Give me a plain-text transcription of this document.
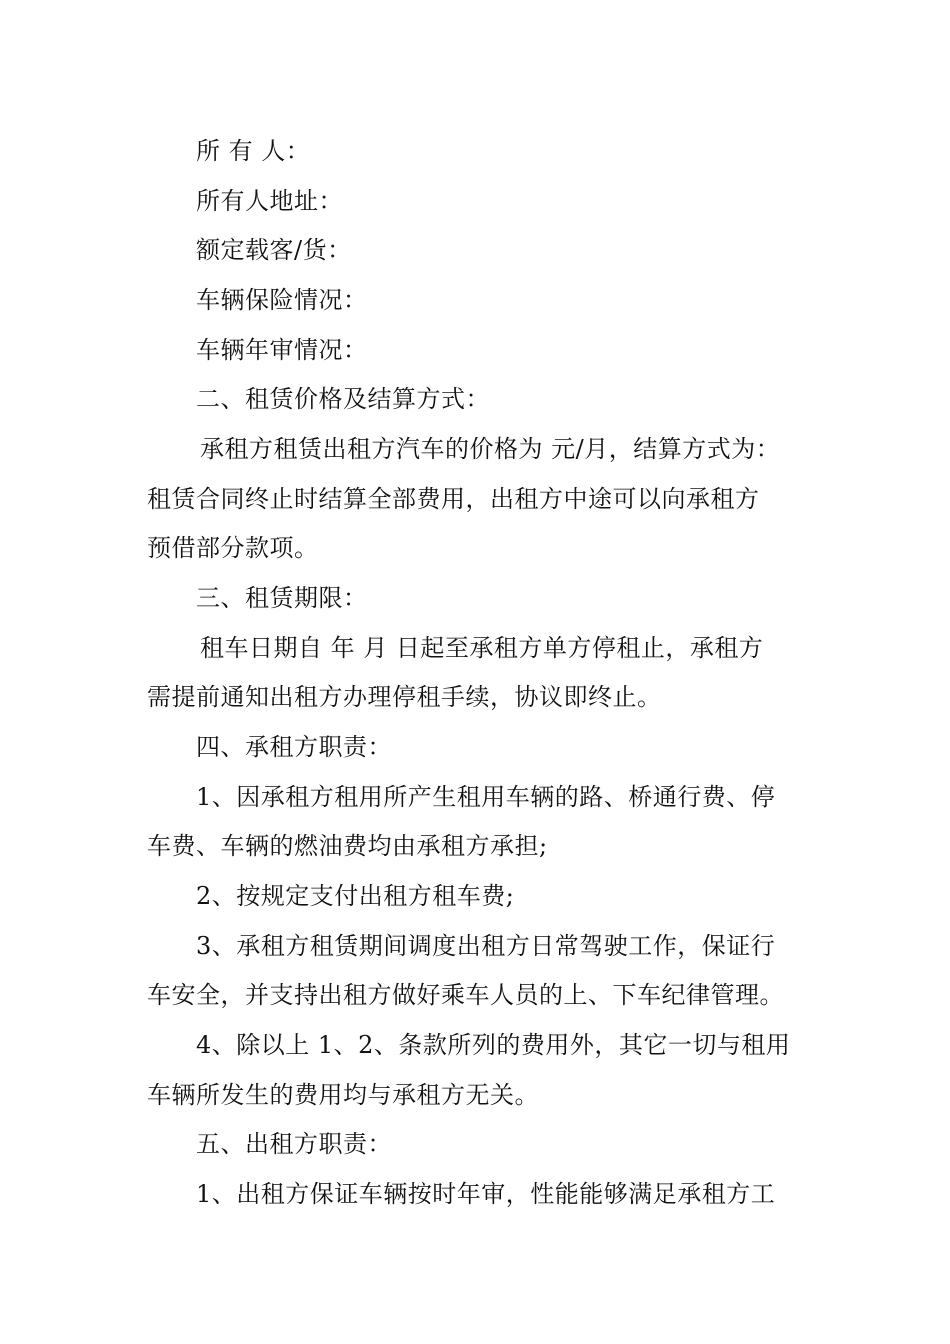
所 有 人：
所有人地址：
额定载客/货：
车辆保险情况：
车辆年审情况：
二、租赁价格及结算方式：
承租方租赁出租方汽车的价格为 元/月，结算方式为：
租赁合同终止时结算全部费用，出租方中途可以向承租方
预借部分款项。
三、租赁期限：
租车日期自 年 月 日起至承租方单方停租止，承租方
需提前通知出租方办理停租手续，协议即终止。
四、承租方职责：
1、因承租方租用所产生租用车辆的路、桥通行费、停
车费、车辆的燃油费均由承租方承担;
2、按规定支付出租方租车费;
3、承租方租赁期间调度出租方日常驾驶工作，保证行
车安全，并支持出租方做好乘车人员的上、下车纪律管理。
4、除以上 1、2、条款所列的费用外，其它一切与租用
车辆所发生的费用均与承租方无关。
五、出租方职责：
1、出租方保证车辆按时年审，性能能够满足承租方工
